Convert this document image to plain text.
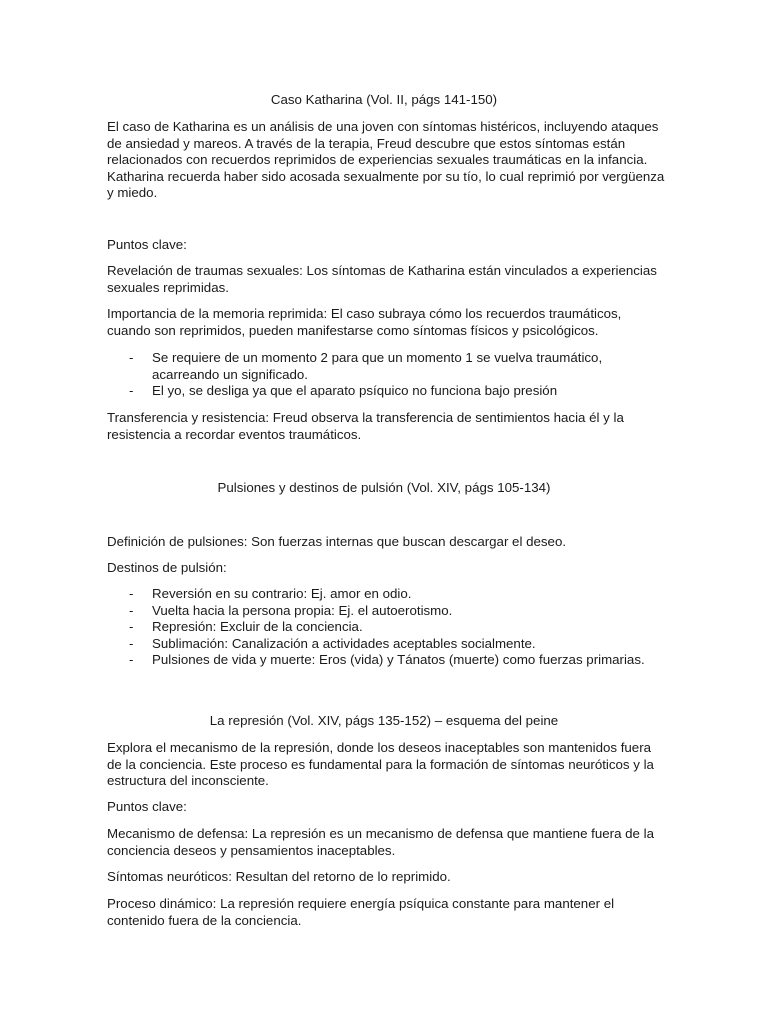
Caso Katharina (Vol. II, págs 141-150)

El caso de Katharina es un análisis de una joven con síntomas histéricos, incluyendo ataques de ansiedad y mareos. A través de la terapia, Freud descubre que estos síntomas están relacionados con recuerdos reprimidos de experiencias sexuales traumáticas en la infancia. Katharina recuerda haber sido acosada sexualmente por su tío, lo cual reprimió por vergüenza y miedo.

Puntos clave:

Revelación de traumas sexuales: Los síntomas de Katharina están vinculados a experiencias sexuales reprimidas.

Importancia de la memoria reprimida: El caso subraya cómo los recuerdos traumáticos, cuando son reprimidos, pueden manifestarse como síntomas físicos y psicológicos.

- Se requiere de un momento 2 para que un momento 1 se vuelva traumático, acarreando un significado.
- El yo, se desliga ya que el aparato psíquico no funciona bajo presión

Transferencia y resistencia: Freud observa la transferencia de sentimientos hacia él y la resistencia a recordar eventos traumáticos.

Pulsiones y destinos de pulsión (Vol. XIV, págs 105-134)

Definición de pulsiones: Son fuerzas internas que buscan descargar el deseo.

Destinos de pulsión:

- Reversión en su contrario: Ej. amor en odio.
- Vuelta hacia la persona propia: Ej. el autoerotismo.
- Represión: Excluir de la conciencia.
- Sublimación: Canalización a actividades aceptables socialmente.
- Pulsiones de vida y muerte: Eros (vida) y Tánatos (muerte) como fuerzas primarias.

La represión (Vol. XIV, págs 135-152) – esquema del peine

Explora el mecanismo de la represión, donde los deseos inaceptables son mantenidos fuera de la conciencia. Este proceso es fundamental para la formación de síntomas neuróticos y la estructura del inconsciente.

Puntos clave:

Mecanismo de defensa: La represión es un mecanismo de defensa que mantiene fuera de la conciencia deseos y pensamientos inaceptables.

Síntomas neuróticos: Resultan del retorno de lo reprimido.

Proceso dinámico: La represión requiere energía psíquica constante para mantener el contenido fuera de la conciencia.
